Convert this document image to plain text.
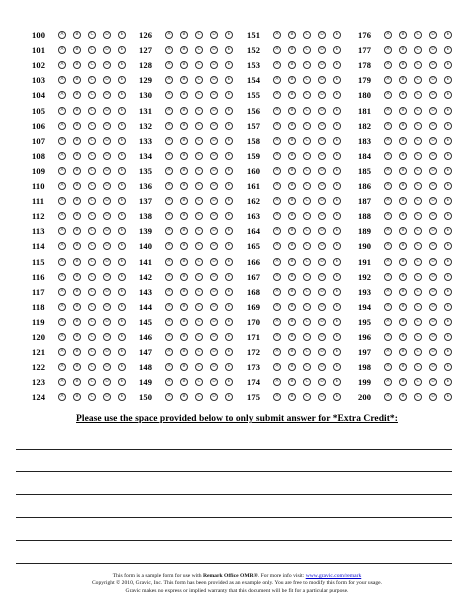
100	A	B	C	D	E
101	A	B	C	D	E
102	A	B	C	D	E
103	A	B	C	D	E
104	A	B	C	D	E
105	A	B	C	D	E
106	A	B	C	D	E
107	A	B	C	D	E
108	A	B	C	D	E
109	A	B	C	D	E
110	A	B	C	D	E
111	A	B	C	D	E
112	A	B	C	D	E
113	A	B	C	D	E
114	A	B	C	D	E
115	A	B	C	D	E
116	A	B	C	D	E
117	A	B	C	D	E
118	A	B	C	D	E
119	A	B	C	D	E
120	A	B	C	D	E
121	A	B	C	D	E
122	A	B	C	D	E
123	A	B	C	D	E
124	A	B	C	D	E
126	A	B	C	D	E
127	A	B	C	D	E
128	A	B	C	D	E
129	A	B	C	D	E
130	A	B	C	D	E
131	A	B	C	D	E
132	A	B	C	D	E
133	A	B	C	D	E
134	A	B	C	D	E
135	A	B	C	D	E
136	A	B	C	D	E
137	A	B	C	D	E
138	A	B	C	D	E
139	A	B	C	D	E
140	A	B	C	D	E
141	A	B	C	D	E
142	A	B	C	D	E
143	A	B	C	D	E
144	A	B	C	D	E
145	A	B	C	D	E
146	A	B	C	D	E
147	A	B	C	D	E
148	A	B	C	D	E
149	A	B	C	D	E
150	A	B	C	D	E
151	A	B	C	D	E
152	A	B	C	D	E
153	A	B	C	D	E
154	A	B	C	D	E
155	A	B	C	D	E
156	A	B	C	D	E
157	A	B	C	D	E
158	A	B	C	D	E
159	A	B	C	D	E
160	A	B	C	D	E
161	A	B	C	D	E
162	A	B	C	D	E
163	A	B	C	D	E
164	A	B	C	D	E
165	A	B	C	D	E
166	A	B	C	D	E
167	A	B	C	D	E
168	A	B	C	D	E
169	A	B	C	D	E
170	A	B	C	D	E
171	A	B	C	D	E
172	A	B	C	D	E
173	A	B	C	D	E
174	A	B	C	D	E
175	A	B	C	D	E
176	A	B	C	D	E
177	A	B	C	D	E
178	A	B	C	D	E
179	A	B	C	D	E
180	A	B	C	D	E
181	A	B	C	D	E
182	A	B	C	D	E
183	A	B	C	D	E
184	A	B	C	D	E
185	A	B	C	D	E
186	A	B	C	D	E
187	A	B	C	D	E
188	A	B	C	D	E
189	A	B	C	D	E
190	A	B	C	D	E
191	A	B	C	D	E
192	A	B	C	D	E
193	A	B	C	D	E
194	A	B	C	D	E
195	A	B	C	D	E
196	A	B	C	D	E
197	A	B	C	D	E
198	A	B	C	D	E
199	A	B	C	D	E
200	A	B	C	D	E
Please use the space provided below to only submit answer for *Extra Credit*:
This form is a sample form for use with Remark Office OMR®. For more info visit: www.gravic.com/remark
Copyright © 2010, Gravic, Inc. This form has been provided as an example only. You are free to modify this form for your usage.
Gravic makes no express or implied warranty that this document will be fit for a particular purpose.
